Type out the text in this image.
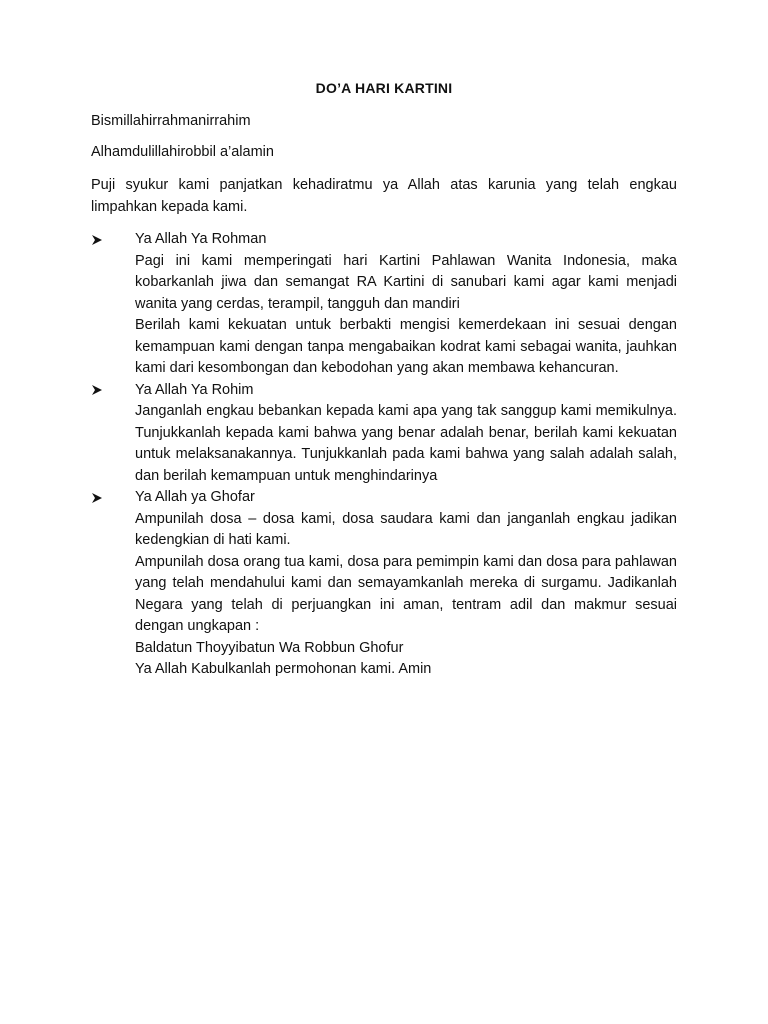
DO’A HARI KARTINI
Bismillahirrahmanirrahim
Alhamdulillahirobbil a’alamin
Puji syukur kami panjatkan kehadiratmu ya Allah atas karunia yang telah engkau limpahkan kepada kami.
Ya Allah Ya Rohman
Pagi ini kami memperingati hari Kartini Pahlawan Wanita Indonesia, maka kobarkanlah jiwa dan semangat RA Kartini di sanubari kami agar kami menjadi wanita yang cerdas, terampil, tangguh dan mandiri
Berilah kami kekuatan untuk berbakti mengisi kemerdekaan ini sesuai dengan kemampuan kami dengan tanpa mengabaikan kodrat kami sebagai wanita, jauhkan kami dari kesombongan dan kebodohan yang akan membawa kehancuran.
Ya Allah Ya Rohim
Janganlah engkau bebankan kepada kami apa yang tak sanggup kami memikulnya. Tunjukkanlah kepada kami bahwa yang benar adalah benar, berilah kami kekuatan untuk melaksanakannya. Tunjukkanlah pada kami bahwa yang salah adalah salah, dan berilah kemampuan untuk menghindarinya
Ya Allah ya Ghofar
Ampunilah dosa – dosa kami, dosa saudara kami dan janganlah engkau jadikan kedengkian di hati kami.
Ampunilah dosa orang tua kami, dosa para pemimpin kami dan dosa para pahlawan yang telah mendahului kami dan semayamkanlah mereka di surgamu. Jadikanlah Negara yang telah di perjuangkan ini aman, tentram adil dan makmur sesuai dengan ungkapan :
Baldatun Thoyyibatun Wa Robbun Ghofur
Ya Allah Kabulkanlah permohonan kami. Amin
